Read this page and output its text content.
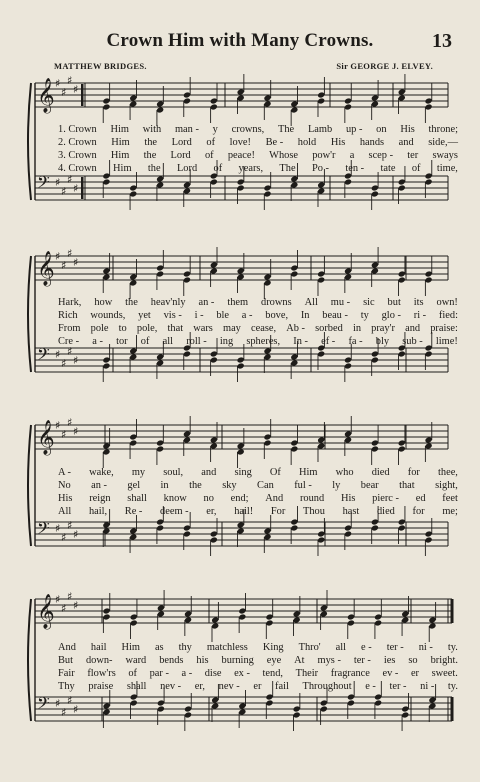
Crown Him with Many Crowns.	13
MATTHEW BRIDGES.	Sir GEORGE J. ELVEY.
𝄞 ♯
♯
♯
♯
𝄢 ♯
♯
♯
♯
𝄞 ♯
♯
♯
♯
𝄢 ♯
♯
♯
♯
𝄞 ♯
♯
♯
♯
𝄢 ♯
♯
♯
♯
𝄞 ♯
♯
♯
♯
𝄢 ♯
♯
♯
♯
1. Crown Him with man - y crowns, The Lamb up - on His throne;
2. Crown Him the Lord of love! Be - hold His hands and side,—
3. Crown Him the Lord of peace! Whose pow'r a scep - ter sways
4. Crown Him the Lord of years, The Po - ten - tate of time,
Hark, how the heav'nly an - them drowns All mu - sic but its own!
Rich wounds, yet vis - i - ble a - bove, In beau - ty glo - ri - fied:
From pole to pole, that wars may cease, Ab - sorbed in pray'r and praise:
Cre - a - tor of all roll - ing spheres, In - ef - fa - bly sub - lime!
A - wake, my soul, and sing Of Him who died for thee,
No an - gel in the sky Can ful - ly bear that sight,
His reign shall know no end; And round His pierc - ed feet
All hail, Re - deem - er, hail! For Thou hast died for me;
And hail Him as thy matchless King Thro' all e - ter - ni - ty.
But down- ward bends his burning eye At mys - ter - ies so bright.
Fair flow'rs of par - a - dise ex - tend, Their fragrance ev - er sweet.
Thy praise shall nev - er, nev - er fail Throughout e - ter - ni - ty.
